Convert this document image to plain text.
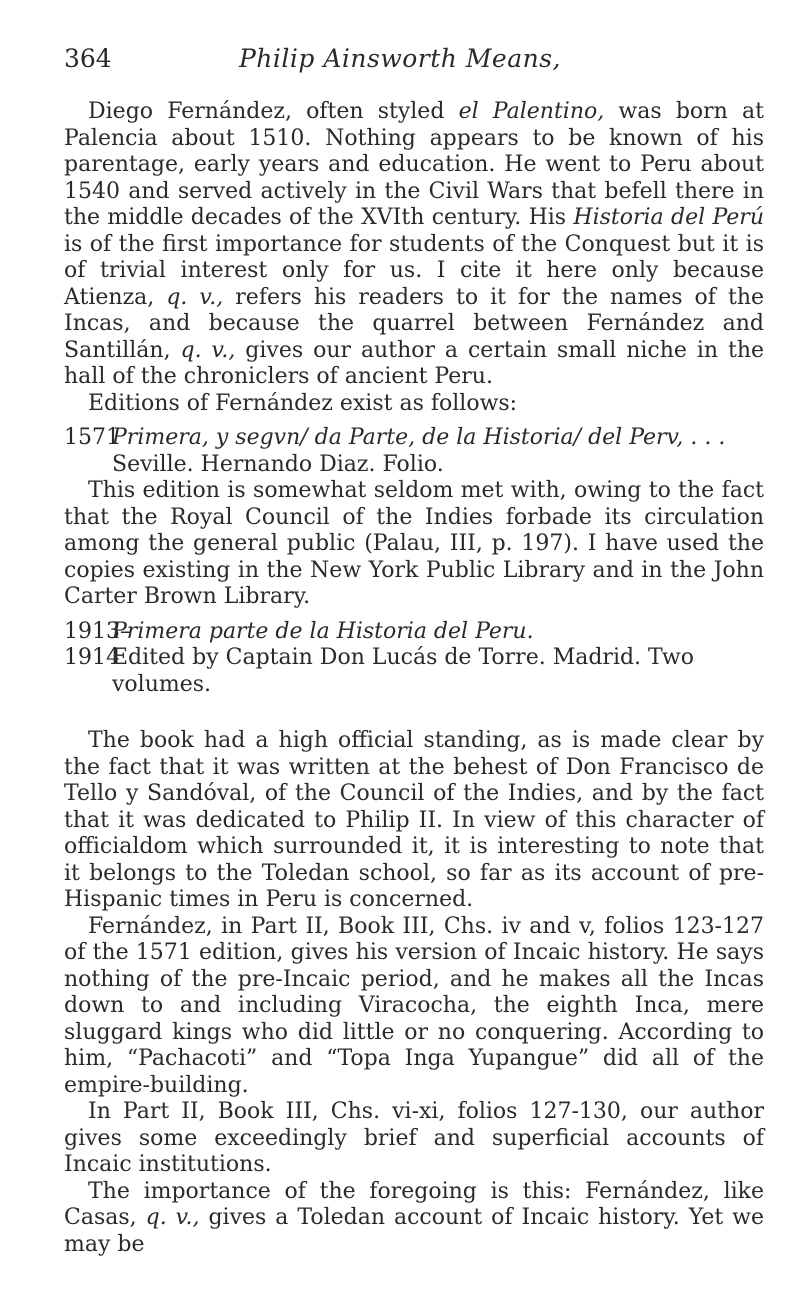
364	Philip Ainsworth Means,

Diego Fernández, often styled el Palentino, was born at Palencia about 1510. Nothing appears to be known of his parentage, early years and education. He went to Peru about 1540 and served actively in the Civil Wars that befell there in the middle decades of the XVIth century. His Historia del Perú is of the first importance for students of the Conquest but it is of trivial interest only for us. I cite it here only because Atienza, q. v., refers his readers to it for the names of the Incas, and because the quarrel between Fernández and Santillán, q. v., gives our author a certain small niche in the hall of the chroniclers of ancient Peru.

Editions of Fernández exist as follows:

1571
Primera, y segvn/ da Parte, de la Historia/ del Perv, . . .
Seville. Hernando Diaz. Folio.

This edition is somewhat seldom met with, owing to the fact that the Royal Council of the Indies forbade its circulation among the general public (Palau, III, p. 197). I have used the copies existing in the New York Public Library and in the John Carter Brown Library.

1913–
Primera parte de la Historia del Peru.
1914
Edited by Captain Don Lucás de Torre. Madrid. Two volumes.

The book had a high official standing, as is made clear by the fact that it was written at the behest of Don Francisco de Tello y Sandóval, of the Council of the Indies, and by the fact that it was dedicated to Philip II. In view of this character of officialdom which surrounded it, it is interesting to note that it belongs to the Toledan school, so far as its account of pre-Hispanic times in Peru is concerned.

Fernández, in Part II, Book III, Chs. iv and v, folios 123-127 of the 1571 edition, gives his version of Incaic history. He says nothing of the pre-Incaic period, and he makes all the Incas down to and including Viracocha, the eighth Inca, mere sluggard kings who did little or no conquering. According to him, “Pachacoti” and “Topa Inga Yupangue” did all of the empire-building.

In Part II, Book III, Chs. vi-xi, folios 127-130, our author gives some exceedingly brief and superficial accounts of Incaic institutions.

The importance of the foregoing is this: Fernández, like Casas, q. v., gives a Toledan account of Incaic history. Yet we may be
